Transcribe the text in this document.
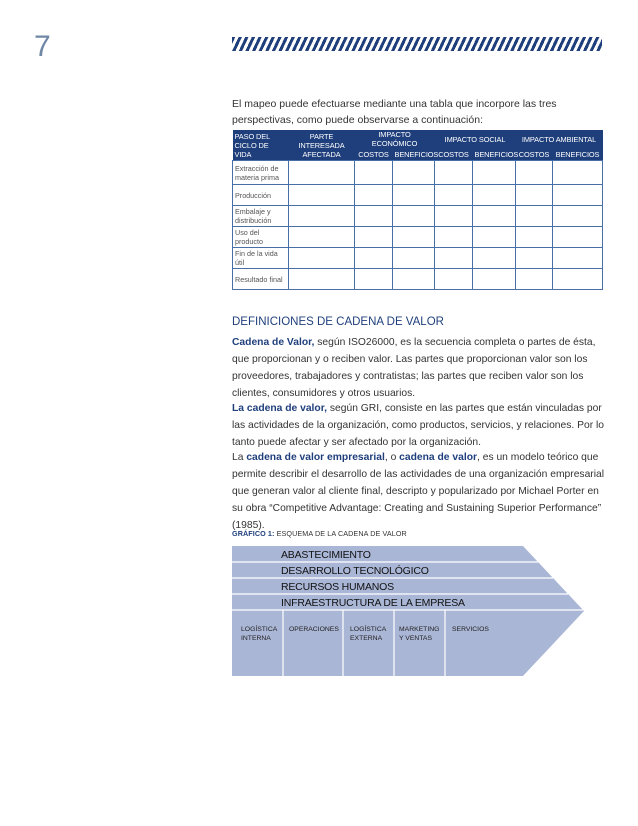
7

El mapeo puede efectuarse mediante una tabla que incorpore las tres perspectivas, como puede observarse a continuación:

PASO DEL CICLO DE VIDA	PARTE INTERESADA AFECTADA	IMPACTO ECONÓMICO		IMPACTO SOCIAL		IMPACTO AMBIENTAL	
		COSTOS	BENEFICIOS	COSTOS	BENEFICIOS	COSTOS	BENEFICIOS
Extracción de materia prima							
Producción							
Embalaje y distribución							
Uso del producto							
Fin de la vida útil							
Resultado final							
DEFINICIONES DE CADENA DE VALOR

Cadena de Valor, según ISO26000, es la secuencia completa o partes de ésta, que proporcionan y o reciben valor. Las partes que proporcionan valor son los proveedores, trabajadores y contratistas; las partes que reciben valor son los clientes, consumidores y otros usuarios.

La cadena de valor, según GRI, consiste en las partes que están vinculadas por las actividades de la organización, como productos, servicios, y relaciones. Por lo tanto puede afectar y ser afectado por la organización.

La cadena de valor empresarial, o cadena de valor, es un modelo teórico que permite describir el desarrollo de las actividades de una organización empresarial que generan valor al cliente final, descripto y popularizado por Michael Porter en su obra “Competitive Advantage: Creating and Sustaining Superior Performance” (1985).

GRÁFICO 1: ESQUEMA DE LA CADENA DE VALOR
ABASTECIMIENTO
DESARROLLO TECNOLÓGICO
RECURSOS HUMANOS
INFRAESTRUCTURA DE LA EMPRESA
LOGÍSTICA INTERNA
OPERACIONES	LOGÍSTICA EXTERNA
MARKETING Y VENTAS
SERVICIOS
